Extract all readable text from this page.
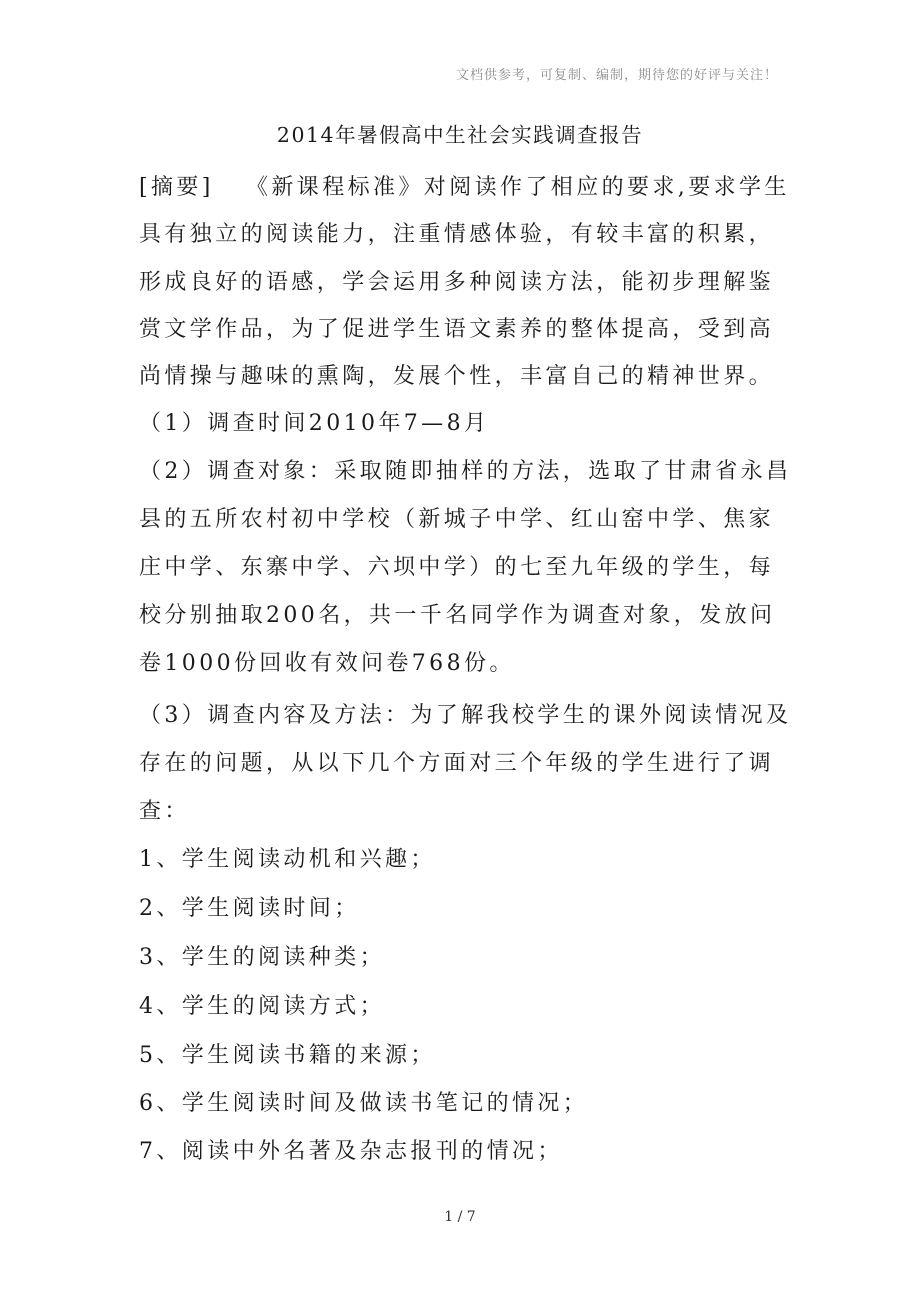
文档供参考，可复制、编制，期待您的好评与关注！
2014年暑假高中生社会实践调查报告
[摘要] 《新课程标准》对阅读作了相应的要求,要求学生
具有独立的阅读能力，注重情感体验，有较丰富的积累，
形成良好的语感，学会运用多种阅读方法，能初步理解鉴
赏文学作品，为了促进学生语文素养的整体提高，受到高
尚情操与趣味的熏陶，发展个性，丰富自己的精神世界。
（1）调查时间2010年7—8月
（2）调查对象：采取随即抽样的方法，选取了甘肃省永昌
县的五所农村初中学校（新城子中学、红山窑中学、焦家
庄中学、东寨中学、六坝中学）的七至九年级的学生，每
校分别抽取200名，共一千名同学作为调查对象，发放问
卷1000份回收有效问卷768份。
（3）调查内容及方法：为了解我校学生的课外阅读情况及
存在的问题，从以下几个方面对三个年级的学生进行了调
查：
1、学生阅读动机和兴趣；
2、学生阅读时间；
3、学生的阅读种类；
4、学生的阅读方式；
5、学生阅读书籍的来源；
6、学生阅读时间及做读书笔记的情况；
7、阅读中外名著及杂志报刊的情况；
1 / 7
